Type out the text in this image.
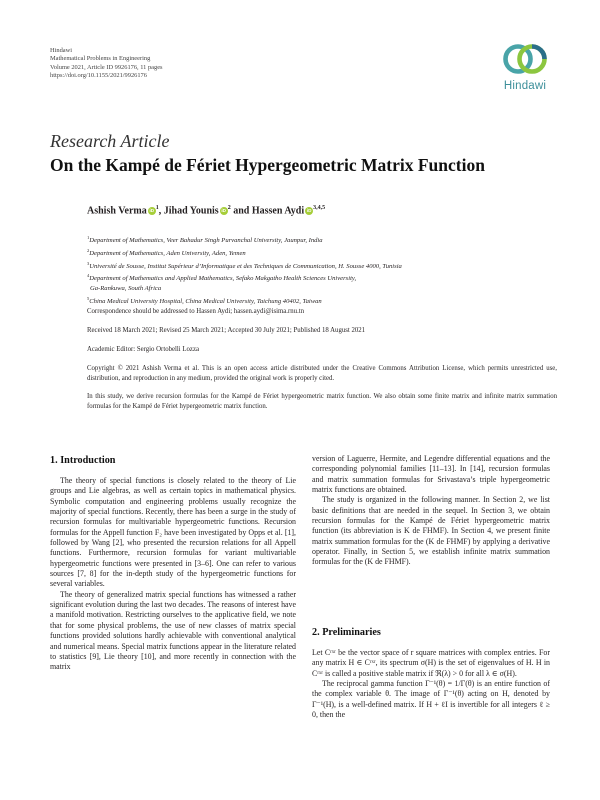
Hindawi
Mathematical Problems in Engineering
Volume 2021, Article ID 9926176, 11 pages
https://doi.org/10.1155/2021/9926176
Hindawi
Research Article
On the Kampé de Fériet Hypergeometric Matrix Function
Ashish Verma iD $^1$, Jihad Younis iD $^2$ and Hassen Aydi iD $^{3,4,5}$
$^1$Department of Mathematics, Veer Bahadur Singh Purvanchal University, Jaunpur, India
$^2$Department of Mathematics, Aden University, Aden, Yemen
$^3$Université de Sousse, Institut Supérieur d’Informatique et des Techniques de Communication, H. Sousse 4000, Tunisia
$^4$Department of Mathematics and Applied Mathematics, Sefako Makgatho Health Sciences University,
Ga-Rankuwa, South Africa
$^5$China Medical University Hospital, China Medical University, Taichung 40402, Taiwan
Correspondence should be addressed to Hassen Aydi; hassen.aydi@isima.rnu.tn
Received 18 March 2021; Revised 25 March 2021; Accepted 30 July 2021; Published 18 August 2021
Academic Editor: Sergio Ortobelli Lozza
Copyright © 2021 Ashish Verma et al. This is an open access article distributed under the Creative Commons Attribution License, which permits unrestricted use, distribution, and reproduction in any medium, provided the original work is properly cited.
In this study, we derive recursion formulas for the Kampé de Fériet hypergeometric matrix function. We also obtain some finite matrix and infinite matrix summation formulas for the Kampé de Fériet hypergeometric matrix function.
1. Introduction

The theory of special functions is closely related to the theory of Lie groups and Lie algebras, as well as certain topics in mathematical physics. Symbolic computation and engineering problems usually recognize the majority of special functions. Recently, there has been a surge in the study of recursion formulas for multivariable hypergeometric functions. Recursion formulas for the Appell function F₂ have been investigated by Opps et al. [1], followed by Wang [2], who presented the recursion relations for all Appell functions. Furthermore, recursion formulas for variant multivariable hypergeometric functions were presented in [3–6]. One can refer to various sources [7, 8] for the in-depth study of the hypergeometric functions for several variables.

The theory of generalized matrix special functions has witnessed a rather significant evolution during the last two decades. The reasons of interest have a manifold motivation. Restricting ourselves to the applicative field, we note that for some physical problems, the use of new classes of matrix special functions provided solutions hardly achievable with conventional analytical and numerical means. Special matrix functions appear in the literature related to statistics [9], Lie theory [10], and more recently in connection with the matrix

version of Laguerre, Hermite, and Legendre differential equations and the corresponding polynomial families [11–13]. In [14], recursion formulas and matrix summation formulas for Srivastava’s triple hypergeometric matrix functions are obtained.

The study is organized in the following manner. In Section 2, we list basic definitions that are needed in the sequel. In Section 3, we obtain recursion formulas for the Kampé de Fériet hypergeometric matrix function (its abbreviation is K de FHMF). In Section 4, we present finite matrix summation formulas for the (K de FHMF) by applying a derivative operator. Finally, in Section 5, we establish infinite matrix summation formulas for the (K de FHMF).

2. Preliminaries

Let Cʳˣʳ be the vector space of r square matrices with complex entries. For any matrix H ∈ Cʳˣʳ, its spectrum σ(H) is the set of eigenvalues of H. H in Cʳˣʳ is called a positive stable matrix if ℜ(λ) > 0 for all λ ∈ σ(H).

The reciprocal gamma function Γ⁻¹(θ) = 1/Γ(θ) is an entire function of the complex variable θ. The image of Γ⁻¹(θ) acting on H, denoted by Γ⁻¹(H), is a well-defined matrix. If H + ℓI is invertible for all integers ℓ ≥ 0, then the
